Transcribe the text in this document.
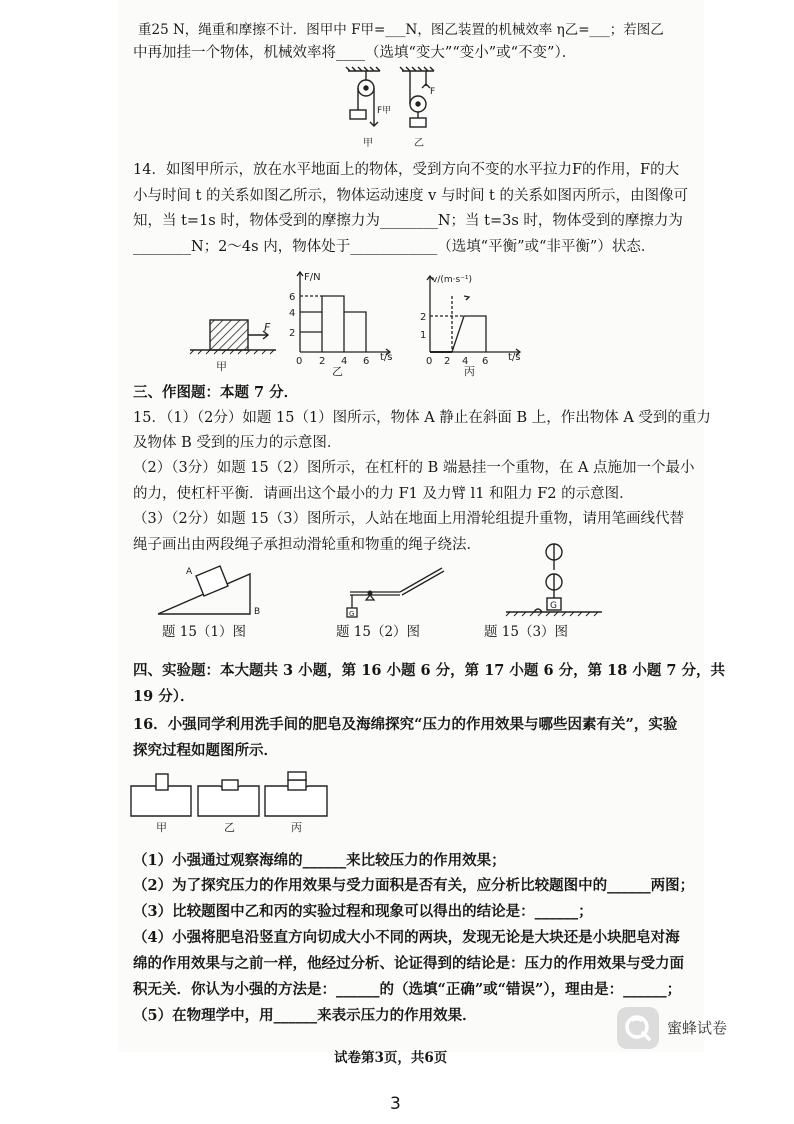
重25 N，绳重和摩擦不计．图甲中 F甲=___N，图乙装置的机械效率 η乙=___；若图乙
中再加挂一个物体，机械效率将____（选填“变大”“变小”或“不变”）．
F甲
F
甲	乙
14．如图甲所示，放在水平地面上的物体，受到方向不变的水平拉力F的作用，F的大
小与时间 t 的关系如图乙所示，物体运动速度 v 与时间 t 的关系如图丙所示，由图像可
知，当 t=1s 时，物体受到的摩擦力为________N；当 t=3s 时，物体受到的摩擦力为
________N；2～4s 内，物体处于____________（选填“平衡”或“非平衡”）状态．
F
甲
F/N
6
4
2
0 2 4 6 t/s
乙
v/(m·s⁻¹)
2
1
0 2 4 6 t/s
丙
三、作图题：本题 7 分．
15．（1）（2分）如题 15（1）图所示，物体 A 静止在斜面 B 上，作出物体 A 受到的重力
及物体 B 受到的压力的示意图．
（2）（3分）如题 15（2）图所示，在杠杆的 B 端悬挂一个重物，在 A 点施加一个最小
的力，使杠杆平衡．请画出这个最小的力 F1 及力臂 l1 和阻力 F2 的示意图．
（3）（2分）如题 15（3）图所示，人站在地面上用滑轮组提升重物，请用笔画线代替
绳子画出由两段绳子承担动滑轮重和物重的绳子绕法．
A
B
题 15（1）图
G
题 15（2）图
G
题 15（3）图
四、实验题：本大题共 3 小题，第 16 小题 6 分，第 17 小题 6 分，第 18 小题 7 分，共
19 分）．
16．小强同学利用洗手间的肥皂及海绵探究“压力的作用效果与哪些因素有关”，实验
探究过程如题图所示．
甲	乙	丙
（1）小强通过观察海绵的______来比较压力的作用效果；
（2）为了探究压力的作用效果与受力面积是否有关，应分析比较题图中的______两图；
（3）比较题图中乙和丙的实验过程和现象可以得出的结论是：______；
（4）小强将肥皂沿竖直方向切成大小不同的两块，发现无论是大块还是小块肥皂对海
绵的作用效果与之前一样，他经过分析、论证得到的结论是：压力的作用效果与受力面
积无关．你认为小强的方法是：______的（选填“正确”或“错误”），理由是：______；
（5）在物理学中，用______来表示压力的作用效果．
试卷第3页，共6页
3
蜜蜂试卷
